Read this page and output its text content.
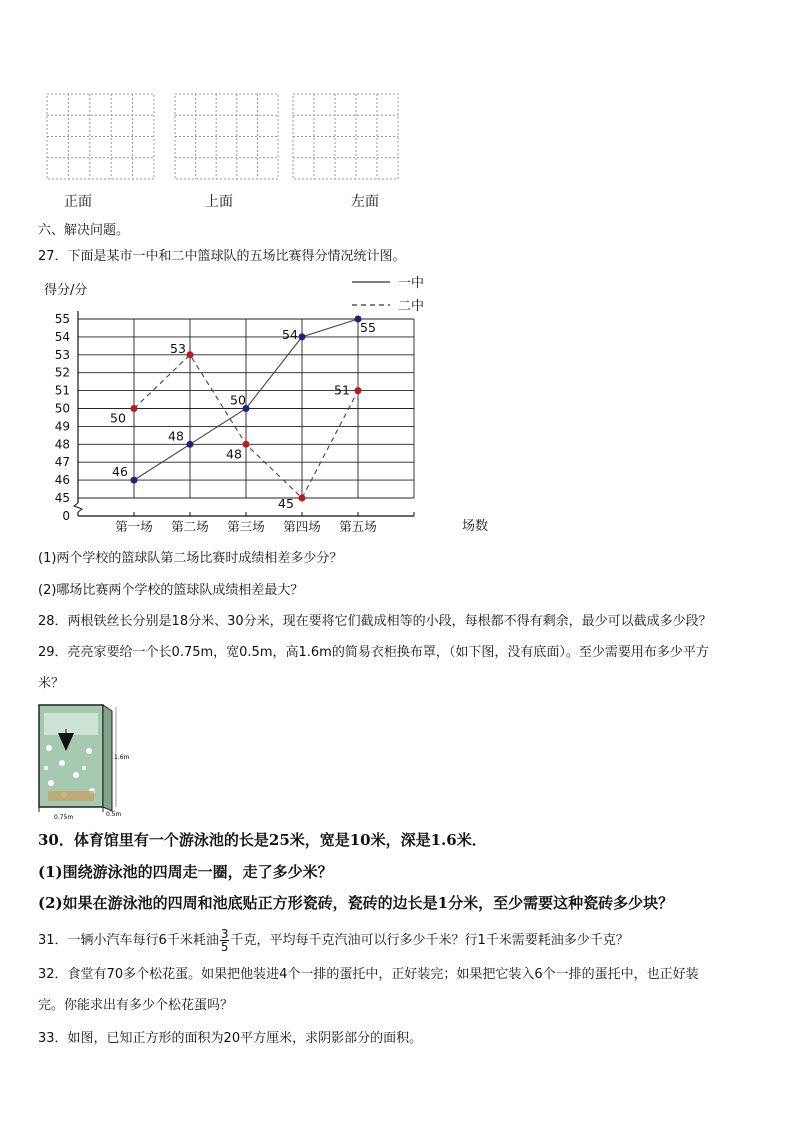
正面	上面	左面
六、解决问题。
27．下面是某市一中和二中篮球队的五场比赛得分情况统计图。
55
54
53
52
51
50
49
48
47
46
45
0
第一场 第二场 第三场 第四场 第五场
得分/分
场数
一中
二中
46
48
50
54	55
50
53
48
45
51
(1)两个学校的篮球队第二场比赛时成绩相差多少分？
(2)哪场比赛两个学校的篮球队成绩相差最大？
28．两根铁丝长分别是18分米、30分米，现在要将它们截成相等的小段，每根都不得有剩余，最少可以截成多少段？
29．亮亮家要给一个长0.75m，宽0.5m，高1.6m的简易衣柜换布罩，（如下图，没有底面）。至少需要用布多少平方
米？
1.6m
0.75m	0.5m
30．体育馆里有一个游泳池的长是25米，宽是10米，深是1.6米．
(1)围绕游泳池的四周走一圈，走了多少米？
(2)如果在游泳池的四周和池底贴正方形瓷砖，瓷砖的边长是1分米，至少需要这种瓷砖多少块？
31．一辆小汽车每行6千米耗油 $\frac{3}{5}$ 千克，平均每千克汽油可以行多少千米？行1千米需要耗油多少千克？
32．食堂有70多个松花蛋。如果把他装进4个一排的蛋托中，正好装完；如果把它装入6个一排的蛋托中，也正好装
完。你能求出有多少个松花蛋吗？
33．如图，已知正方形的面积为20平方厘米，求阴影部分的面积。
